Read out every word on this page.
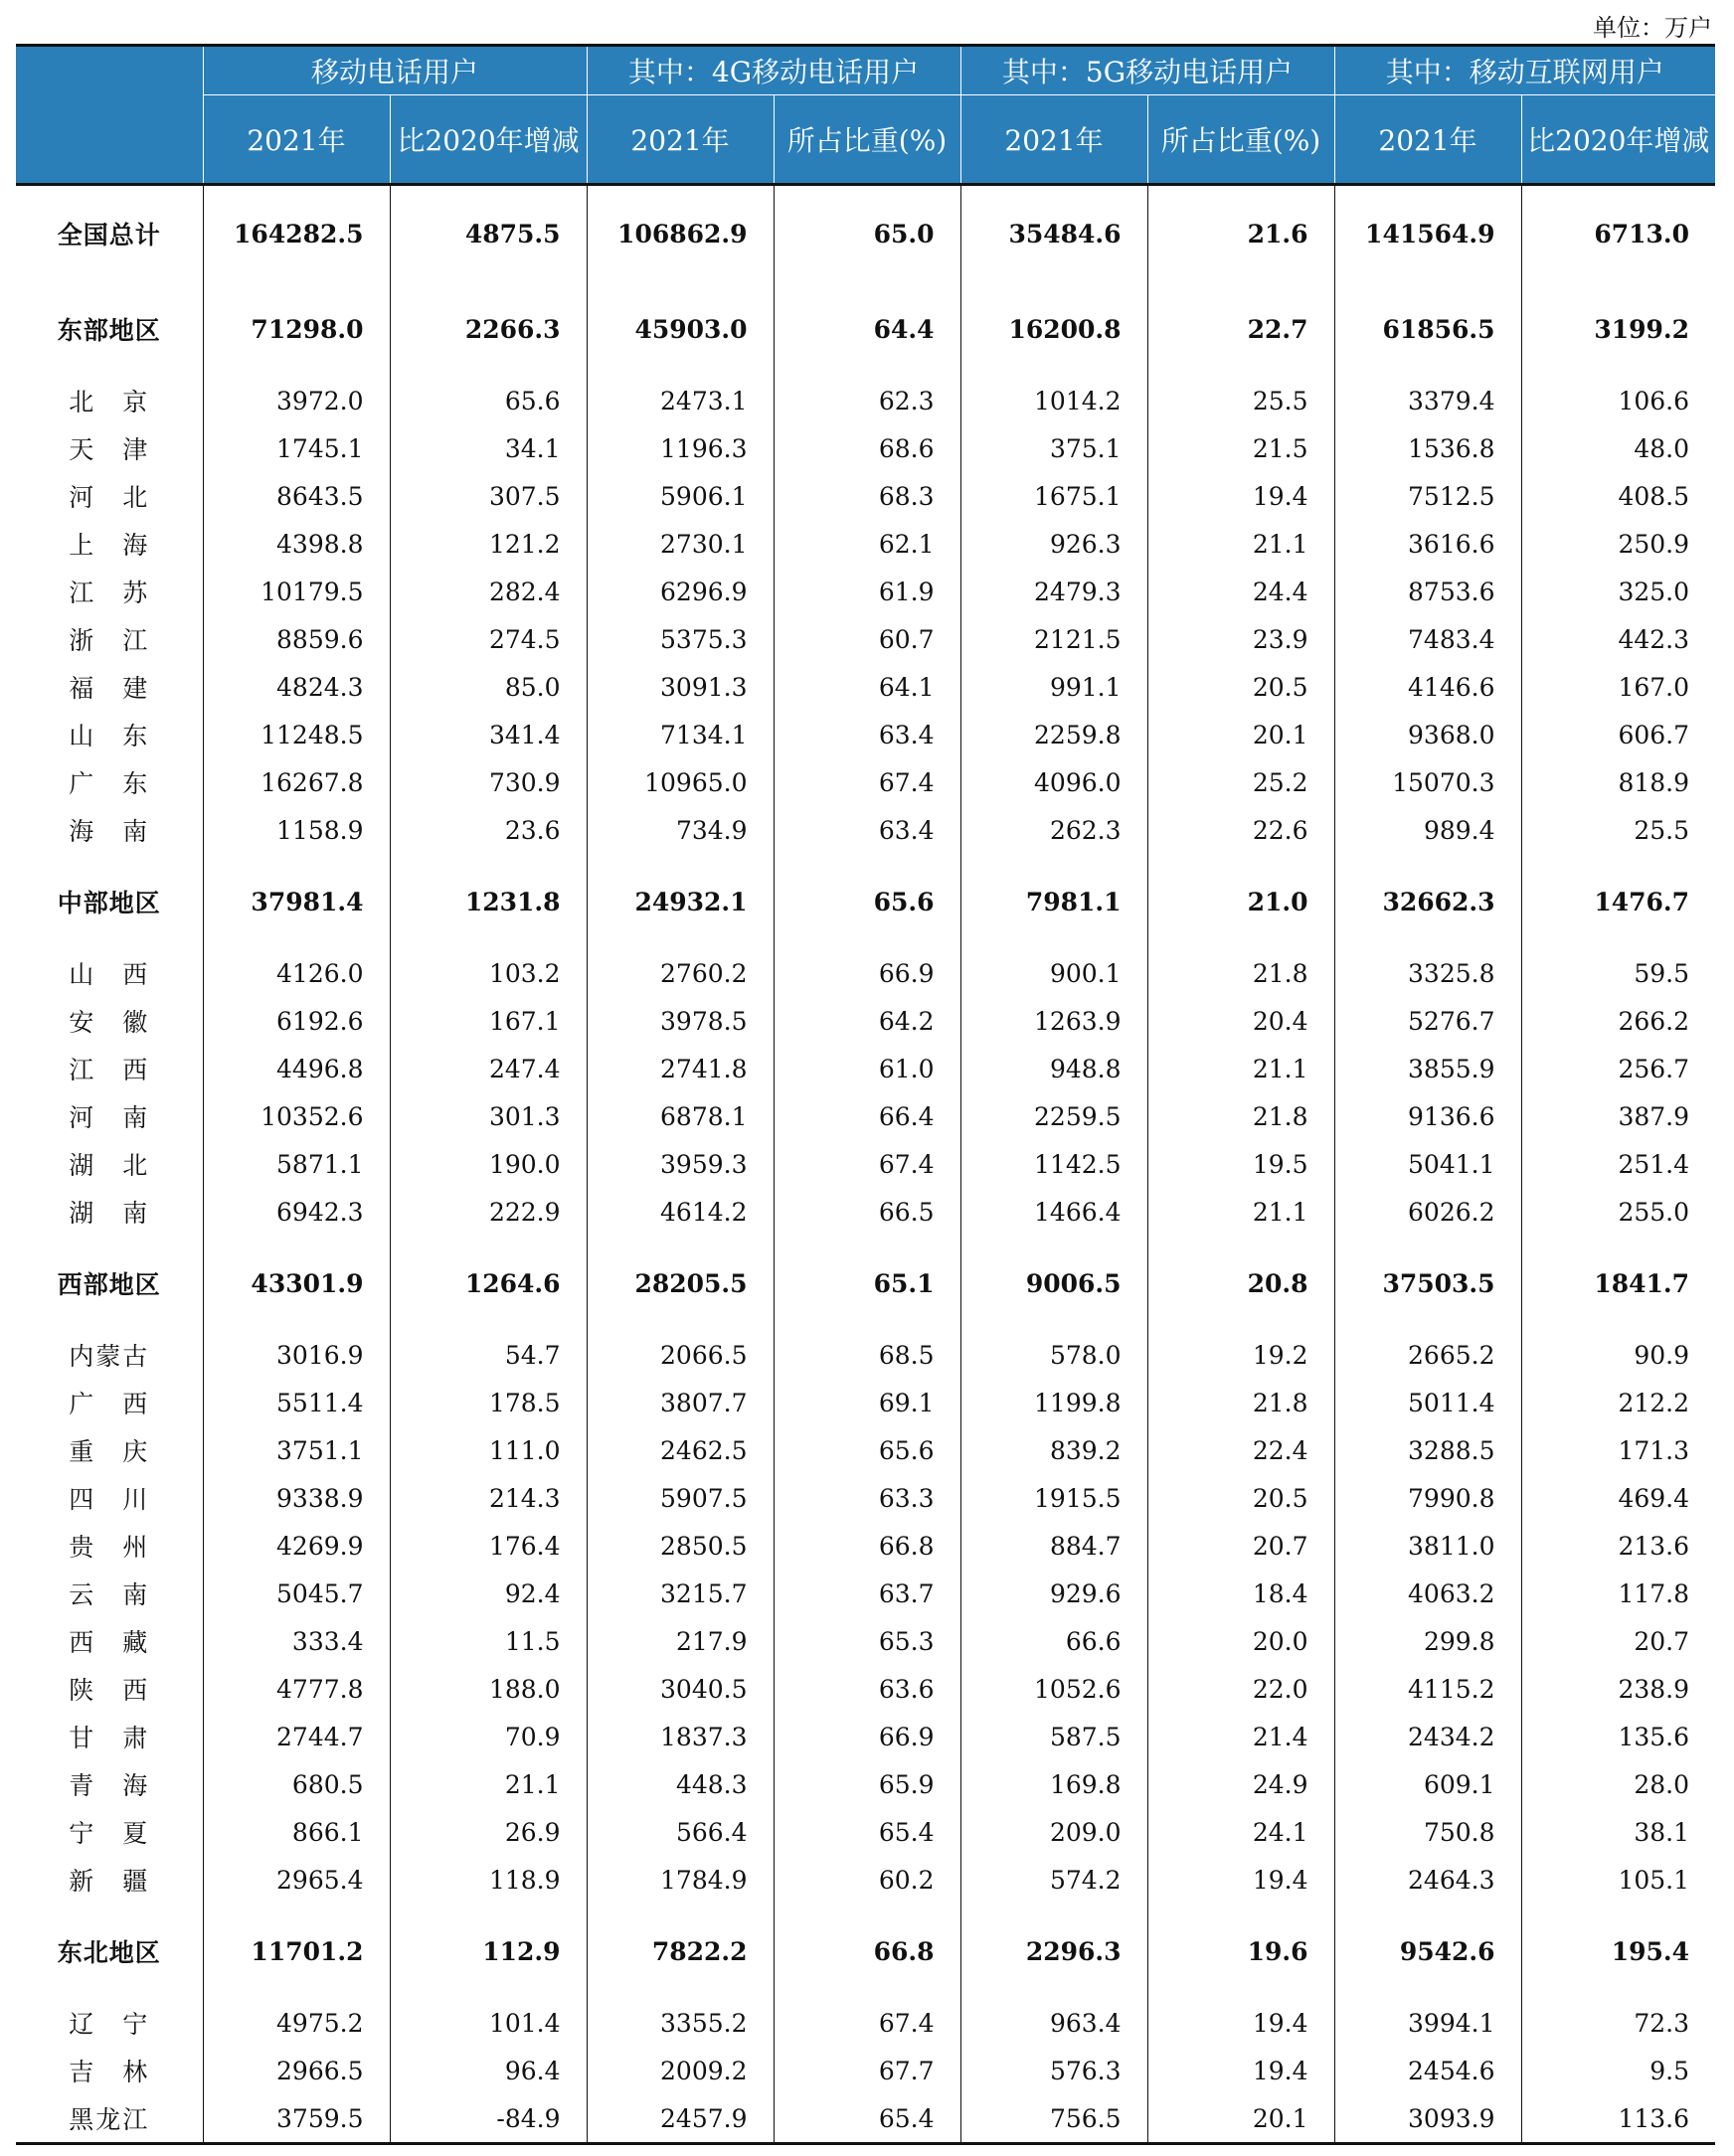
单位：万户
	移动电话用户		其中：4G移动电话用户		其中：5G移动电话用户		其中：移动互联网用户	
	2021年	比2020年增减	2021年	所占比重(%)	2021年	所占比重(%)	2021年	比2020年增减
全国总计	164282.5	4875.5	106862.9	65.0	35484.6	21.6	141564.9	6713.0
东部地区	71298.0	2266.3	45903.0	64.4	16200.8	22.7	61856.5	3199.2
北　京	3972.0	65.6	2473.1	62.3	1014.2	25.5	3379.4	106.6
天　津	1745.1	34.1	1196.3	68.6	375.1	21.5	1536.8	48.0
河　北	8643.5	307.5	5906.1	68.3	1675.1	19.4	7512.5	408.5
上　海	4398.8	121.2	2730.1	62.1	926.3	21.1	3616.6	250.9
江　苏	10179.5	282.4	6296.9	61.9	2479.3	24.4	8753.6	325.0
浙　江	8859.6	274.5	5375.3	60.7	2121.5	23.9	7483.4	442.3
福　建	4824.3	85.0	3091.3	64.1	991.1	20.5	4146.6	167.0
山　东	11248.5	341.4	7134.1	63.4	2259.8	20.1	9368.0	606.7
广　东	16267.8	730.9	10965.0	67.4	4096.0	25.2	15070.3	818.9
海　南	1158.9	23.6	734.9	63.4	262.3	22.6	989.4	25.5
中部地区	37981.4	1231.8	24932.1	65.6	7981.1	21.0	32662.3	1476.7
山　西	4126.0	103.2	2760.2	66.9	900.1	21.8	3325.8	59.5
安　徽	6192.6	167.1	3978.5	64.2	1263.9	20.4	5276.7	266.2
江　西	4496.8	247.4	2741.8	61.0	948.8	21.1	3855.9	256.7
河　南	10352.6	301.3	6878.1	66.4	2259.5	21.8	9136.6	387.9
湖　北	5871.1	190.0	3959.3	67.4	1142.5	19.5	5041.1	251.4
湖　南	6942.3	222.9	4614.2	66.5	1466.4	21.1	6026.2	255.0
西部地区	43301.9	1264.6	28205.5	65.1	9006.5	20.8	37503.5	1841.7
内蒙古	3016.9	54.7	2066.5	68.5	578.0	19.2	2665.2	90.9
广　西	5511.4	178.5	3807.7	69.1	1199.8	21.8	5011.4	212.2
重　庆	3751.1	111.0	2462.5	65.6	839.2	22.4	3288.5	171.3
四　川	9338.9	214.3	5907.5	63.3	1915.5	20.5	7990.8	469.4
贵　州	4269.9	176.4	2850.5	66.8	884.7	20.7	3811.0	213.6
云　南	5045.7	92.4	3215.7	63.7	929.6	18.4	4063.2	117.8
西　藏	333.4	11.5	217.9	65.3	66.6	20.0	299.8	20.7
陕　西	4777.8	188.0	3040.5	63.6	1052.6	22.0	4115.2	238.9
甘　肃	2744.7	70.9	1837.3	66.9	587.5	21.4	2434.2	135.6
青　海	680.5	21.1	448.3	65.9	169.8	24.9	609.1	28.0
宁　夏	866.1	26.9	566.4	65.4	209.0	24.1	750.8	38.1
新　疆	2965.4	118.9	1784.9	60.2	574.2	19.4	2464.3	105.1
东北地区	11701.2	112.9	7822.2	66.8	2296.3	19.6	9542.6	195.4
辽　宁	4975.2	101.4	3355.2	67.4	963.4	19.4	3994.1	72.3
吉　林	2966.5	96.4	2009.2	67.7	576.3	19.4	2454.6	9.5
黑龙江	3759.5	-84.9	2457.9	65.4	756.5	20.1	3093.9	113.6
